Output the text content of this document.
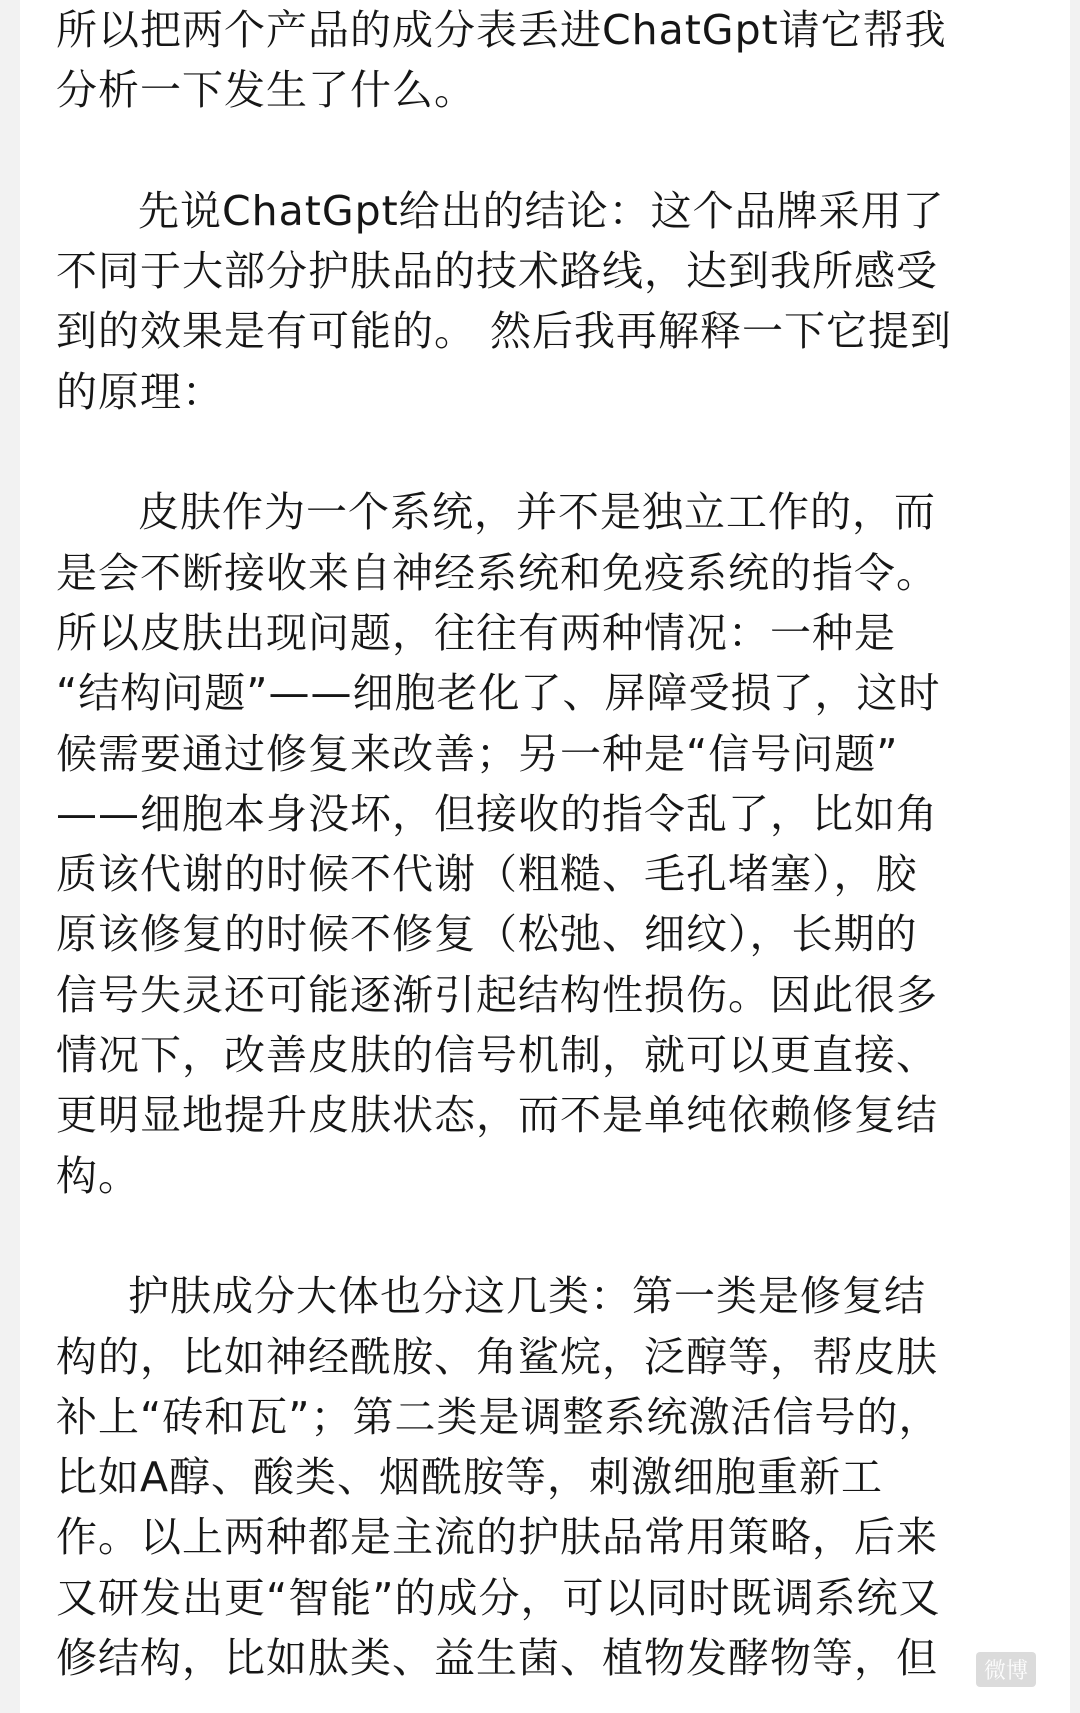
所以把两个产品的成分表丢进ChatGpt请它帮我
分析一下发生了什么。
先说ChatGpt给出的结论：这个品牌采用了
不同于大部分护肤品的技术路线，达到我所感受
到的效果是有可能的。 然后我再解释一下它提到
的原理：
皮肤作为一个系统，并不是独立工作的，而
是会不断接收来自神经系统和免疫系统的指令。
所以皮肤出现问题，往往有两种情况：一种是
“结构问题”——细胞老化了、屏障受损了，这时
候需要通过修复来改善；另一种是“信号问题”
——细胞本身没坏，但接收的指令乱了，比如角
质该代谢的时候不代谢（粗糙、毛孔堵塞），胶
原该修复的时候不修复（松弛、细纹），长期的
信号失灵还可能逐渐引起结构性损伤。因此很多
情况下，改善皮肤的信号机制，就可以更直接、
更明显地提升皮肤状态，而不是单纯依赖修复结
构。
护肤成分大体也分这几类：第一类是修复结
构的，比如神经酰胺、角鲨烷，泛醇等，帮皮肤
补上“砖和瓦”；第二类是调整系统激活信号的，
比如A醇、酸类、烟酰胺等，刺激细胞重新工
作。以上两种都是主流的护肤品常用策略，后来
又研发出更“智能”的成分，可以同时既调系统又
修结构，比如肽类、益生菌、植物发酵物等，但	微博
